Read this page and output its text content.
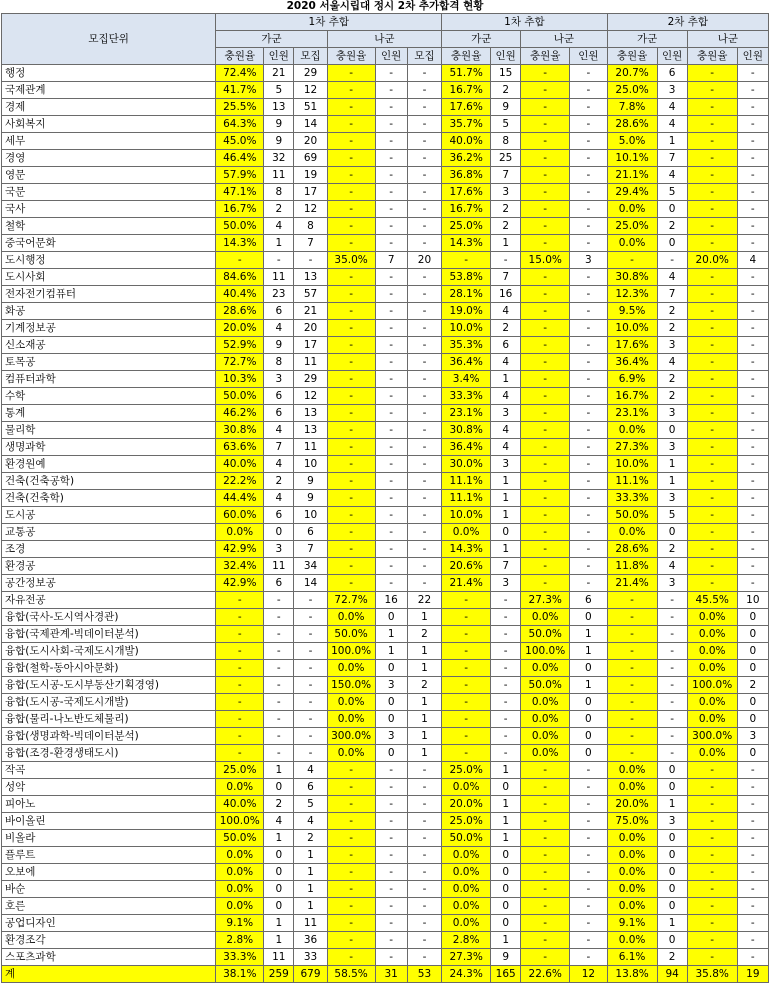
2020 서울시립대 정시 2차 추가합격 현황
모집단위	1차 추합						1차 추합				2차 추합			
	가군			나군			가군		나군		가군		나군	
	충원율	인원	모집	충원율	인원	모집	충원율	인원	충원율	인원	충원율	인원	충원율	인원
행정	72.4%	21	29	-	-	-	51.7%	15	-	-	20.7%	6	-	-
국제관계	41.7%	5	12	-	-	-	16.7%	2	-	-	25.0%	3	-	-
경제	25.5%	13	51	-	-	-	17.6%	9	-	-	7.8%	4	-	-
사회복지	64.3%	9	14	-	-	-	35.7%	5	-	-	28.6%	4	-	-
세무	45.0%	9	20	-	-	-	40.0%	8	-	-	5.0%	1	-	-
경영	46.4%	32	69	-	-	-	36.2%	25	-	-	10.1%	7	-	-
영문	57.9%	11	19	-	-	-	36.8%	7	-	-	21.1%	4	-	-
국문	47.1%	8	17	-	-	-	17.6%	3	-	-	29.4%	5	-	-
국사	16.7%	2	12	-	-	-	16.7%	2	-	-	0.0%	0	-	-
철학	50.0%	4	8	-	-	-	25.0%	2	-	-	25.0%	2	-	-
중국어문화	14.3%	1	7	-	-	-	14.3%	1	-	-	0.0%	0	-	-
도시행정	-	-	-	35.0%	7	20	-	-	15.0%	3	-	-	20.0%	4
도시사회	84.6%	11	13	-	-	-	53.8%	7	-	-	30.8%	4	-	-
전자전기컴퓨터	40.4%	23	57	-	-	-	28.1%	16	-	-	12.3%	7	-	-
화공	28.6%	6	21	-	-	-	19.0%	4	-	-	9.5%	2	-	-
기계정보공	20.0%	4	20	-	-	-	10.0%	2	-	-	10.0%	2	-	-
신소재공	52.9%	9	17	-	-	-	35.3%	6	-	-	17.6%	3	-	-
토목공	72.7%	8	11	-	-	-	36.4%	4	-	-	36.4%	4	-	-
컴퓨터과학	10.3%	3	29	-	-	-	3.4%	1	-	-	6.9%	2	-	-
수학	50.0%	6	12	-	-	-	33.3%	4	-	-	16.7%	2	-	-
통계	46.2%	6	13	-	-	-	23.1%	3	-	-	23.1%	3	-	-
물리학	30.8%	4	13	-	-	-	30.8%	4	-	-	0.0%	0	-	-
생명과학	63.6%	7	11	-	-	-	36.4%	4	-	-	27.3%	3	-	-
환경원예	40.0%	4	10	-	-	-	30.0%	3	-	-	10.0%	1	-	-
건축(건축공학)	22.2%	2	9	-	-	-	11.1%	1	-	-	11.1%	1	-	-
건축(건축학)	44.4%	4	9	-	-	-	11.1%	1	-	-	33.3%	3	-	-
도시공	60.0%	6	10	-	-	-	10.0%	1	-	-	50.0%	5	-	-
교통공	0.0%	0	6	-	-	-	0.0%	0	-	-	0.0%	0	-	-
조경	42.9%	3	7	-	-	-	14.3%	1	-	-	28.6%	2	-	-
환경공	32.4%	11	34	-	-	-	20.6%	7	-	-	11.8%	4	-	-
공간정보공	42.9%	6	14	-	-	-	21.4%	3	-	-	21.4%	3	-	-
자유전공	-	-	-	72.7%	16	22	-	-	27.3%	6	-	-	45.5%	10
융합(국사-도시역사경관)	-	-	-	0.0%	0	1	-	-	0.0%	0	-	-	0.0%	0
융합(국제관계-빅데이터분석)	-	-	-	50.0%	1	2	-	-	50.0%	1	-	-	0.0%	0
융합(도시사회-국제도시개발)	-	-	-	100.0%	1	1	-	-	100.0%	1	-	-	0.0%	0
융합(철학-동아시아문화)	-	-	-	0.0%	0	1	-	-	0.0%	0	-	-	0.0%	0
융합(도시공-도시부동산기획경영)	-	-	-	150.0%	3	2	-	-	50.0%	1	-	-	100.0%	2
융합(도시공-국제도시개발)	-	-	-	0.0%	0	1	-	-	0.0%	0	-	-	0.0%	0
융합(물리-나노반도체물리)	-	-	-	0.0%	0	1	-	-	0.0%	0	-	-	0.0%	0
융합(생명과학-빅데이터분석)	-	-	-	300.0%	3	1	-	-	0.0%	0	-	-	300.0%	3
융합(조경-환경생태도시)	-	-	-	0.0%	0	1	-	-	0.0%	0	-	-	0.0%	0
작곡	25.0%	1	4	-	-	-	25.0%	1	-	-	0.0%	0	-	-
성악	0.0%	0	6	-	-	-	0.0%	0	-	-	0.0%	0	-	-
피아노	40.0%	2	5	-	-	-	20.0%	1	-	-	20.0%	1	-	-
바이올린	100.0%	4	4	-	-	-	25.0%	1	-	-	75.0%	3	-	-
비올라	50.0%	1	2	-	-	-	50.0%	1	-	-	0.0%	0	-	-
플루트	0.0%	0	1	-	-	-	0.0%	0	-	-	0.0%	0	-	-
오보에	0.0%	0	1	-	-	-	0.0%	0	-	-	0.0%	0	-	-
바순	0.0%	0	1	-	-	-	0.0%	0	-	-	0.0%	0	-	-
호른	0.0%	0	1	-	-	-	0.0%	0	-	-	0.0%	0	-	-
공업디자인	9.1%	1	11	-	-	-	0.0%	0	-	-	9.1%	1	-	-
환경조각	2.8%	1	36	-	-	-	2.8%	1	-	-	0.0%	0	-	-
스포츠과학	33.3%	11	33	-	-	-	27.3%	9	-	-	6.1%	2	-	-
계	38.1%	259	679	58.5%	31	53	24.3%	165	22.6%	12	13.8%	94	35.8%	19
